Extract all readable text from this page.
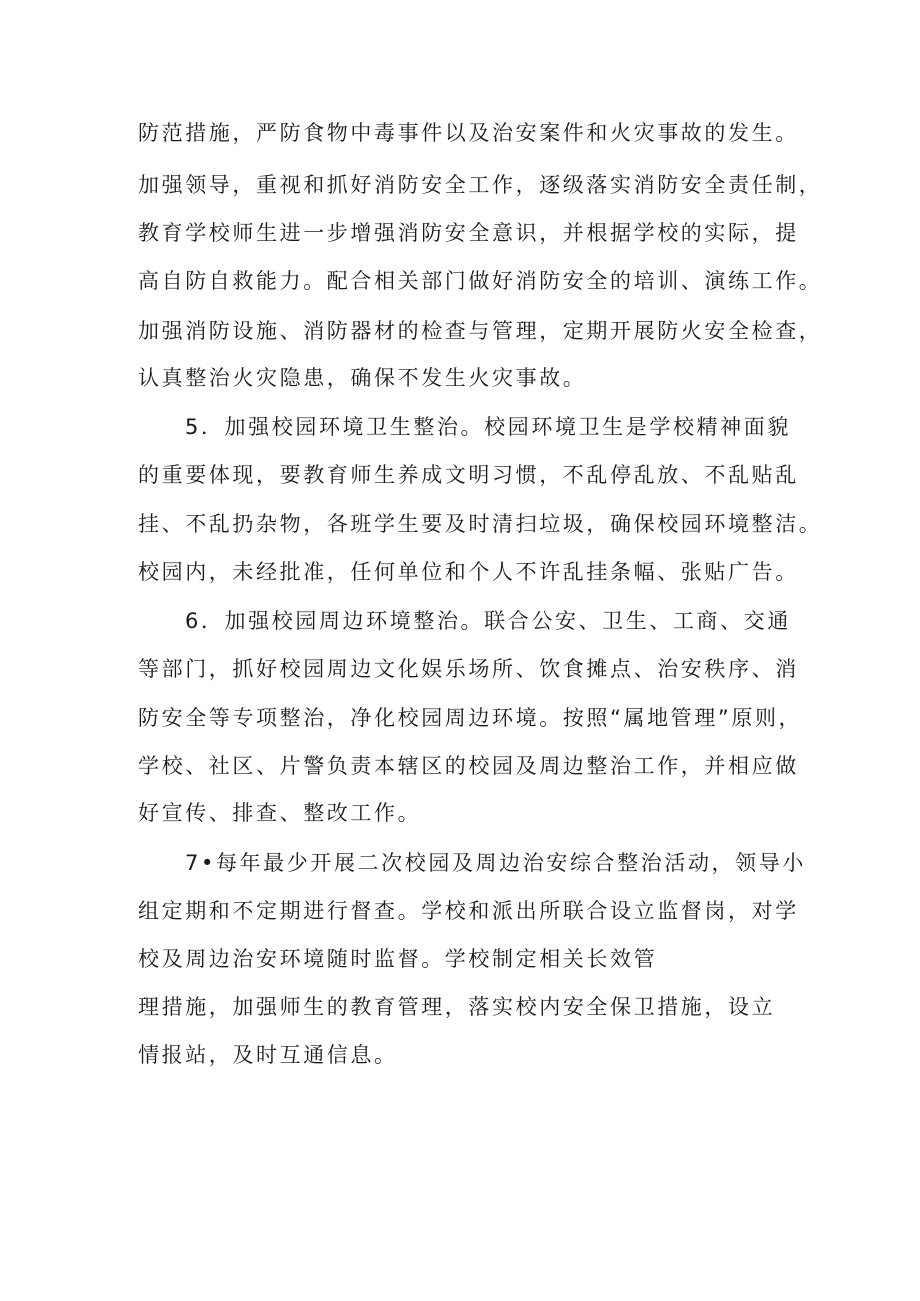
防范措施，严防食物中毒事件以及治安案件和火灾事故的发生。
加强领导，重视和抓好消防安全工作，逐级落实消防安全责任制，
教育学校师生进一步增强消防安全意识，并根据学校的实际，提
高自防自救能力。配合相关部门做好消防安全的培训、演练工作。
加强消防设施、消防器材的检查与管理，定期开展防火安全检查，
认真整治火灾隐患，确保不发生火灾事故。
5．加强校园环境卫生整治。校园环境卫生是学校精神面貌
的重要体现，要教育师生养成文明习惯，不乱停乱放、不乱贴乱
挂、不乱扔杂物，各班学生要及时清扫垃圾，确保校园环境整洁。
校园内，未经批准，任何单位和个人不许乱挂条幅、张贴广告。
6．加强校园周边环境整治。联合公安、卫生、工商、交通
等部门，抓好校园周边文化娱乐场所、饮食摊点、治安秩序、消
防安全等专项整治，净化校园周边环境。按照“属地管理”原则，
学校、社区、片警负责本辖区的校园及周边整治工作，并相应做
好宣传、排查、整改工作。
7•每年最少开展二次校园及周边治安综合整治活动，领导小
组定期和不定期进行督查。学校和派出所联合设立监督岗，对学
校及周边治安环境随时监督。学校制定相关长效管
理措施，加强师生的教育管理，落实校内安全保卫措施，设立
情报站，及时互通信息。
